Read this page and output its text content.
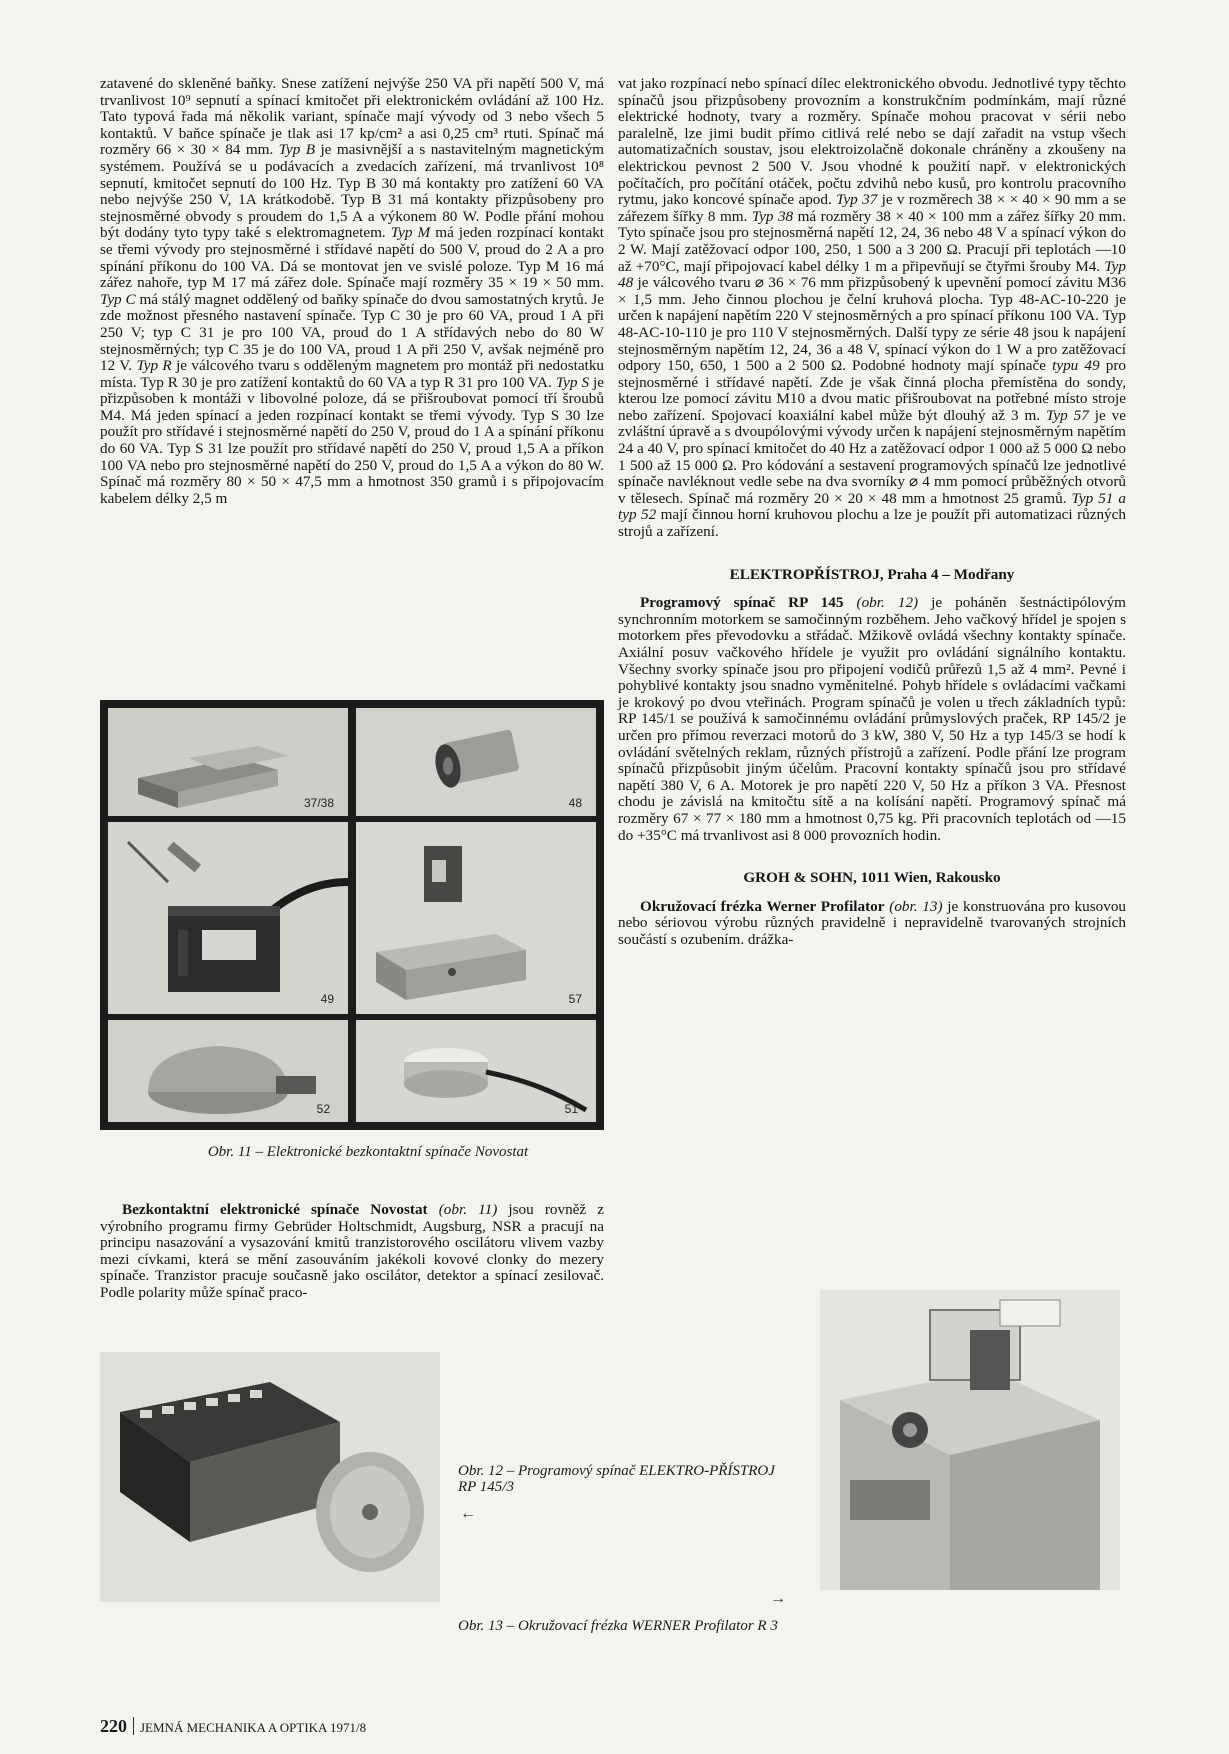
zatavené do skleněné baňky. Snese zatížení nejvýše 250 VA při napětí 500 V, má trvanlivost 10⁹ sepnutí a spínací kmitočet při elektronickém ovládání až 100 Hz. Tato typová řada má několik variant, spínače mají vývody od 3 nebo všech 5 kontaktů. V baňce spínače je tlak asi 17 kp/cm² a asi 0,25 cm³ rtuti. Spínač má rozměry 66 × 30 × 84 mm. Typ B je masivnější a s nastavitelným magnetickým systémem. Používá se u podávacích a zvedacích zařízení, má trvanlivost 10⁸ sepnutí, kmitočet sepnutí do 100 Hz. Typ B 30 má kontakty pro zatížení 60 VA nebo nejvýše 250 V, 1A krátkodobě. Typ B 31 má kontakty přizpůsobeny pro stejnosměrné obvody s proudem do 1,5 A a výkonem 80 W. Podle přání mohou být dodány tyto typy také s elektromagnetem. Typ M má jeden rozpínací kontakt se třemi vývody pro stejnosměrné i střídavé napětí do 500 V, proud do 2 A a pro spínání příkonu do 100 VA. Dá se montovat jen ve svislé poloze. Typ M 16 má zářez nahoře, typ M 17 má zářez dole. Spínače mají rozměry 35 × 19 × 50 mm. Typ C má stálý magnet oddělený od baňky spínače do dvou samostatných krytů. Je zde možnost přesného nastavení spínače. Typ C 30 je pro 60 VA, proud 1 A při 250 V; typ C 31 je pro 100 VA, proud do 1 A střídavých nebo do 80 W stejnosměrných; typ C 35 je do 100 VA, proud 1 A při 250 V, avšak nejméně pro 12 V. Typ R je válcového tvaru s odděleným magnetem pro montáž při nedostatku místa. Typ R 30 je pro zatížení kontaktů do 60 VA a typ R 31 pro 100 VA. Typ S je přizpůsoben k montáži v libovolné poloze, dá se přišroubovat pomocí tří šroubů M4. Má jeden spínací a jeden rozpínací kontakt se třemi vývody. Typ S 30 lze použít pro střídavé i stejnosměrné napětí do 250 V, proud do 1 A a spínání příkonu do 60 VA. Typ S 31 lze použít pro střídavé napětí do 250 V, proud 1,5 A a příkon 100 VA nebo pro stejnosměrné napětí do 250 V, proud do 1,5 A a výkon do 80 W. Spínač má rozměry 80 × 50 × 47,5 mm a hmotnost 350 gramů i s připojovacím kabelem délky 2,5 m

37/38	48
49	57
52	51
Obr. 11 – Elektronické bezkontaktní spínače Novostat

Bezkontaktní elektronické spínače Novostat (obr. 11) jsou rovněž z výrobního programu firmy Gebrüder Holtschmidt, Augsburg, NSR a pracují na principu nasazování a vysazování kmitů tranzistorového oscilátoru vlivem vazby mezi cívkami, která se mění zasouváním jakékoli kovové clonky do mezery spínače. Tranzistor pracuje současně jako oscilátor, detektor a spínací zesilovač. Podle polarity může spínač praco-

vat jako rozpínací nebo spínací dílec elektronického obvodu. Jednotlivé typy těchto spínačů jsou přizpůsobeny provozním a konstrukčním podmínkám, mají různé elektrické hodnoty, tvary a rozměry. Spínače mohou pracovat v sérii nebo paralelně, lze jimi budit přímo citlivá relé nebo se dají zařadit na vstup všech automatizačních soustav, jsou elektroizolačně dokonale chráněny a zkoušeny na elektrickou pevnost 2 500 V. Jsou vhodné k použití např. v elektronických počítačích, pro počítání otáček, počtu zdvihů nebo kusů, pro kontrolu pracovního rytmu, jako koncové spínače apod. Typ 37 je v rozměrech 38 × × 40 × 90 mm a se zářezem šířky 8 mm. Typ 38 má rozměry 38 × 40 × 100 mm a zářez šířky 20 mm. Tyto spínače jsou pro stejnosměrná napětí 12, 24, 36 nebo 48 V a spínací výkon do 2 W. Mají zatěžovací odpor 100, 250, 1 500 a 3 200 Ω. Pracují při teplotách —10 až +70°C, mají připojovací kabel délky 1 m a připevňují se čtyřmi šrouby M4. Typ 48 je válcového tvaru ⌀ 36 × 76 mm přizpůsobený k upevnění pomocí závitu M36 × 1,5 mm. Jeho činnou plochou je čelní kruhová plocha. Typ 48-AC-10-220 je určen k napájení napětím 220 V stejnosměrných a pro spínací příkonu 100 VA. Typ 48-AC-10-110 je pro 110 V stejnosměrných. Další typy ze série 48 jsou k napájení stejnosměrným napětím 12, 24, 36 a 48 V, spínací výkon do 1 W a pro zatěžovací odpory 150, 650, 1 500 a 2 500 Ω. Podobné hodnoty mají spínače typu 49 pro stejnosměrné i střídavé napětí. Zde je však činná plocha přemístěna do sondy, kterou lze pomocí závitu M10 a dvou matic přišroubovat na potřebné místo stroje nebo zařízení. Spojovací koaxiální kabel může být dlouhý až 3 m. Typ 57 je ve zvláštní úpravě a s dvoupólovými vývody určen k napájení stejnosměrným napětím 24 a 40 V, pro spínací kmitočet do 40 Hz a zatěžovací odpor 1 000 až 5 000 Ω nebo 1 500 až 15 000 Ω. Pro kódování a sestavení programových spínačů lze jednotlivé spínače navléknout vedle sebe na dva svorníky ⌀ 4 mm pomocí průběžných otvorů v tělesech. Spínač má rozměry 20 × 20 × 48 mm a hmotnost 25 gramů. Typ 51 a typ 52 mají činnou horní kruhovou plochu a lze je použít při automatizaci různých strojů a zařízení.

ELEKTROPŘÍSTROJ, Praha 4 – Modřany

Programový spínač RP 145 (obr. 12) je poháněn šestnáctipólovým synchronním motorkem se samočinným rozběhem. Jeho vačkový hřídel je spojen s motorkem přes převodovku a střádač. Mžikově ovládá všechny kontakty spínače. Axiální posuv vačkového hřídele je využit pro ovládání signálního kontaktu. Všechny svorky spínače jsou pro připojení vodičů průřezů 1,5 až 4 mm². Pevné i pohyblivé kontakty jsou snadno vyměnitelné. Pohyb hřídele s ovládacími vačkami je krokový po dvou vteřinách. Program spínačů je volen u třech základních typů: RP 145/1 se používá k samočinnému ovládání průmyslových praček, RP 145/2 je určen pro přímou reverzaci motorů do 3 kW, 380 V, 50 Hz a typ 145/3 se hodí k ovládání světelných reklam, různých přístrojů a zařízení. Podle přání lze program spínačů přizpůsobit jiným účelům. Pracovní kontakty spínačů jsou pro střídavé napětí 380 V, 6 A. Motorek je pro napětí 220 V, 50 Hz a příkon 3 VA. Přesnost chodu je závislá na kmitočtu sítě a na kolísání napětí. Programový spínač má rozměry 67 × 77 × 180 mm a hmotnost 0,75 kg. Při pracovních teplotách od —15 do +35°C má trvanlivost asi 8 000 provozních hodin.

GROH & SOHN, 1011 Wien, Rakousko

Okružovací frézka Werner Profilator (obr. 13) je konstruována pro kusovou nebo sériovou výrobu různých pravidelně i nepravidelně tvarovaných strojních součástí s ozubením. drážka-

Obr. 12 – Programový spínač ELEKTRO-PŘÍSTROJ RP 145/3
←
Obr. 13 – Okružovací frézka WERNER Profilator R 3
→
220 JEMNÁ MECHANIKA A OPTIKA 1971/8
